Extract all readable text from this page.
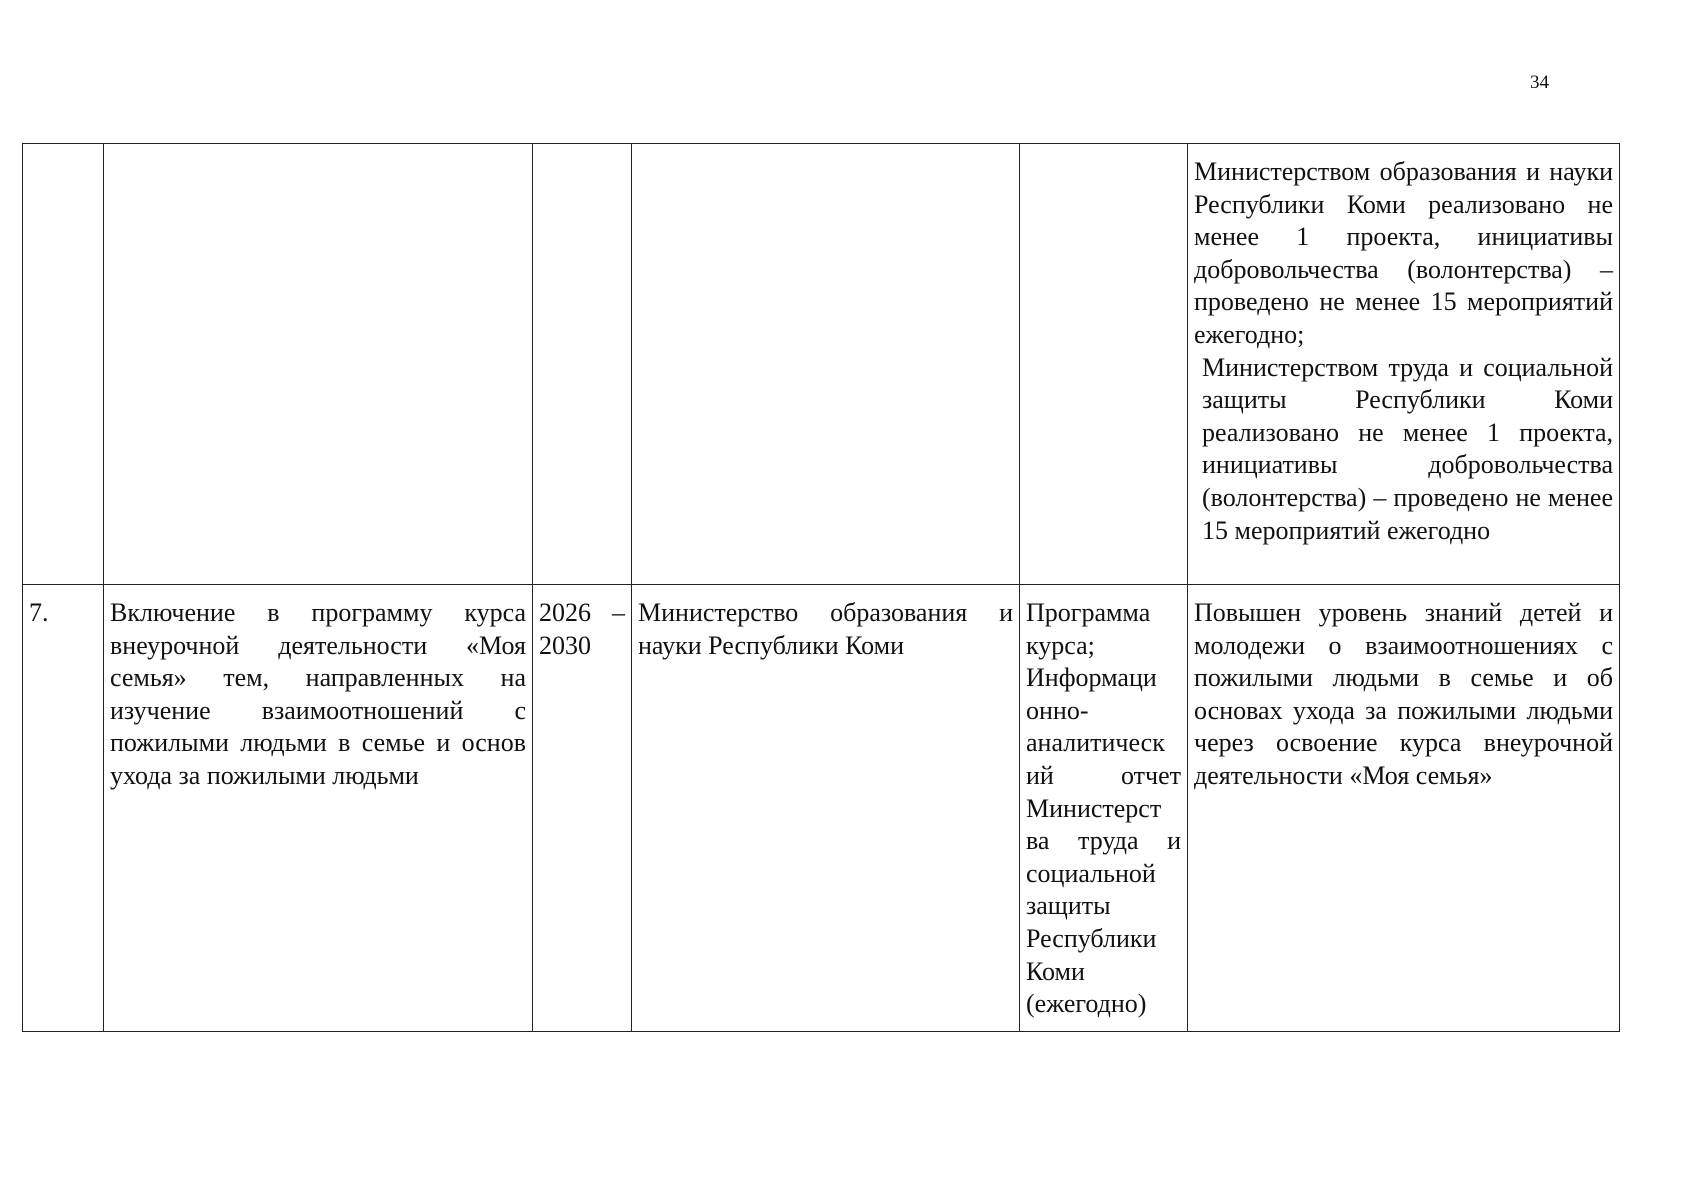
34

					Министерством образования и науки Республики Коми реализовано не менее 1 проекта, инициативы добровольчества (волонтерства) – проведено не менее 15 мероприятий ежегодно;
Министерством труда и социальной защиты Республики Коми реализовано не менее 1 проекта, инициативы добровольчества (волонтерства) – проведено не менее 15 мероприятий ежегодно

7.	Включение в программу курса внеурочной деятельности «Моя семья» тем, направленных на изучение взаимоотношений с пожилыми людьми в семье и основ ухода за пожилыми людьми	2026 – 2030	Министерство образования и науки Республики Коми	Программа курса; Информаци онно-аналитическ ий отчет Министерст ва труда и социальной защиты Республики Коми (ежегодно)	Повышен уровень знаний детей и молодежи о взаимоотношениях с пожилыми людьми в семье и об основах ухода за пожилыми людьми через освоение курса внеурочной деятельности «Моя семья»
